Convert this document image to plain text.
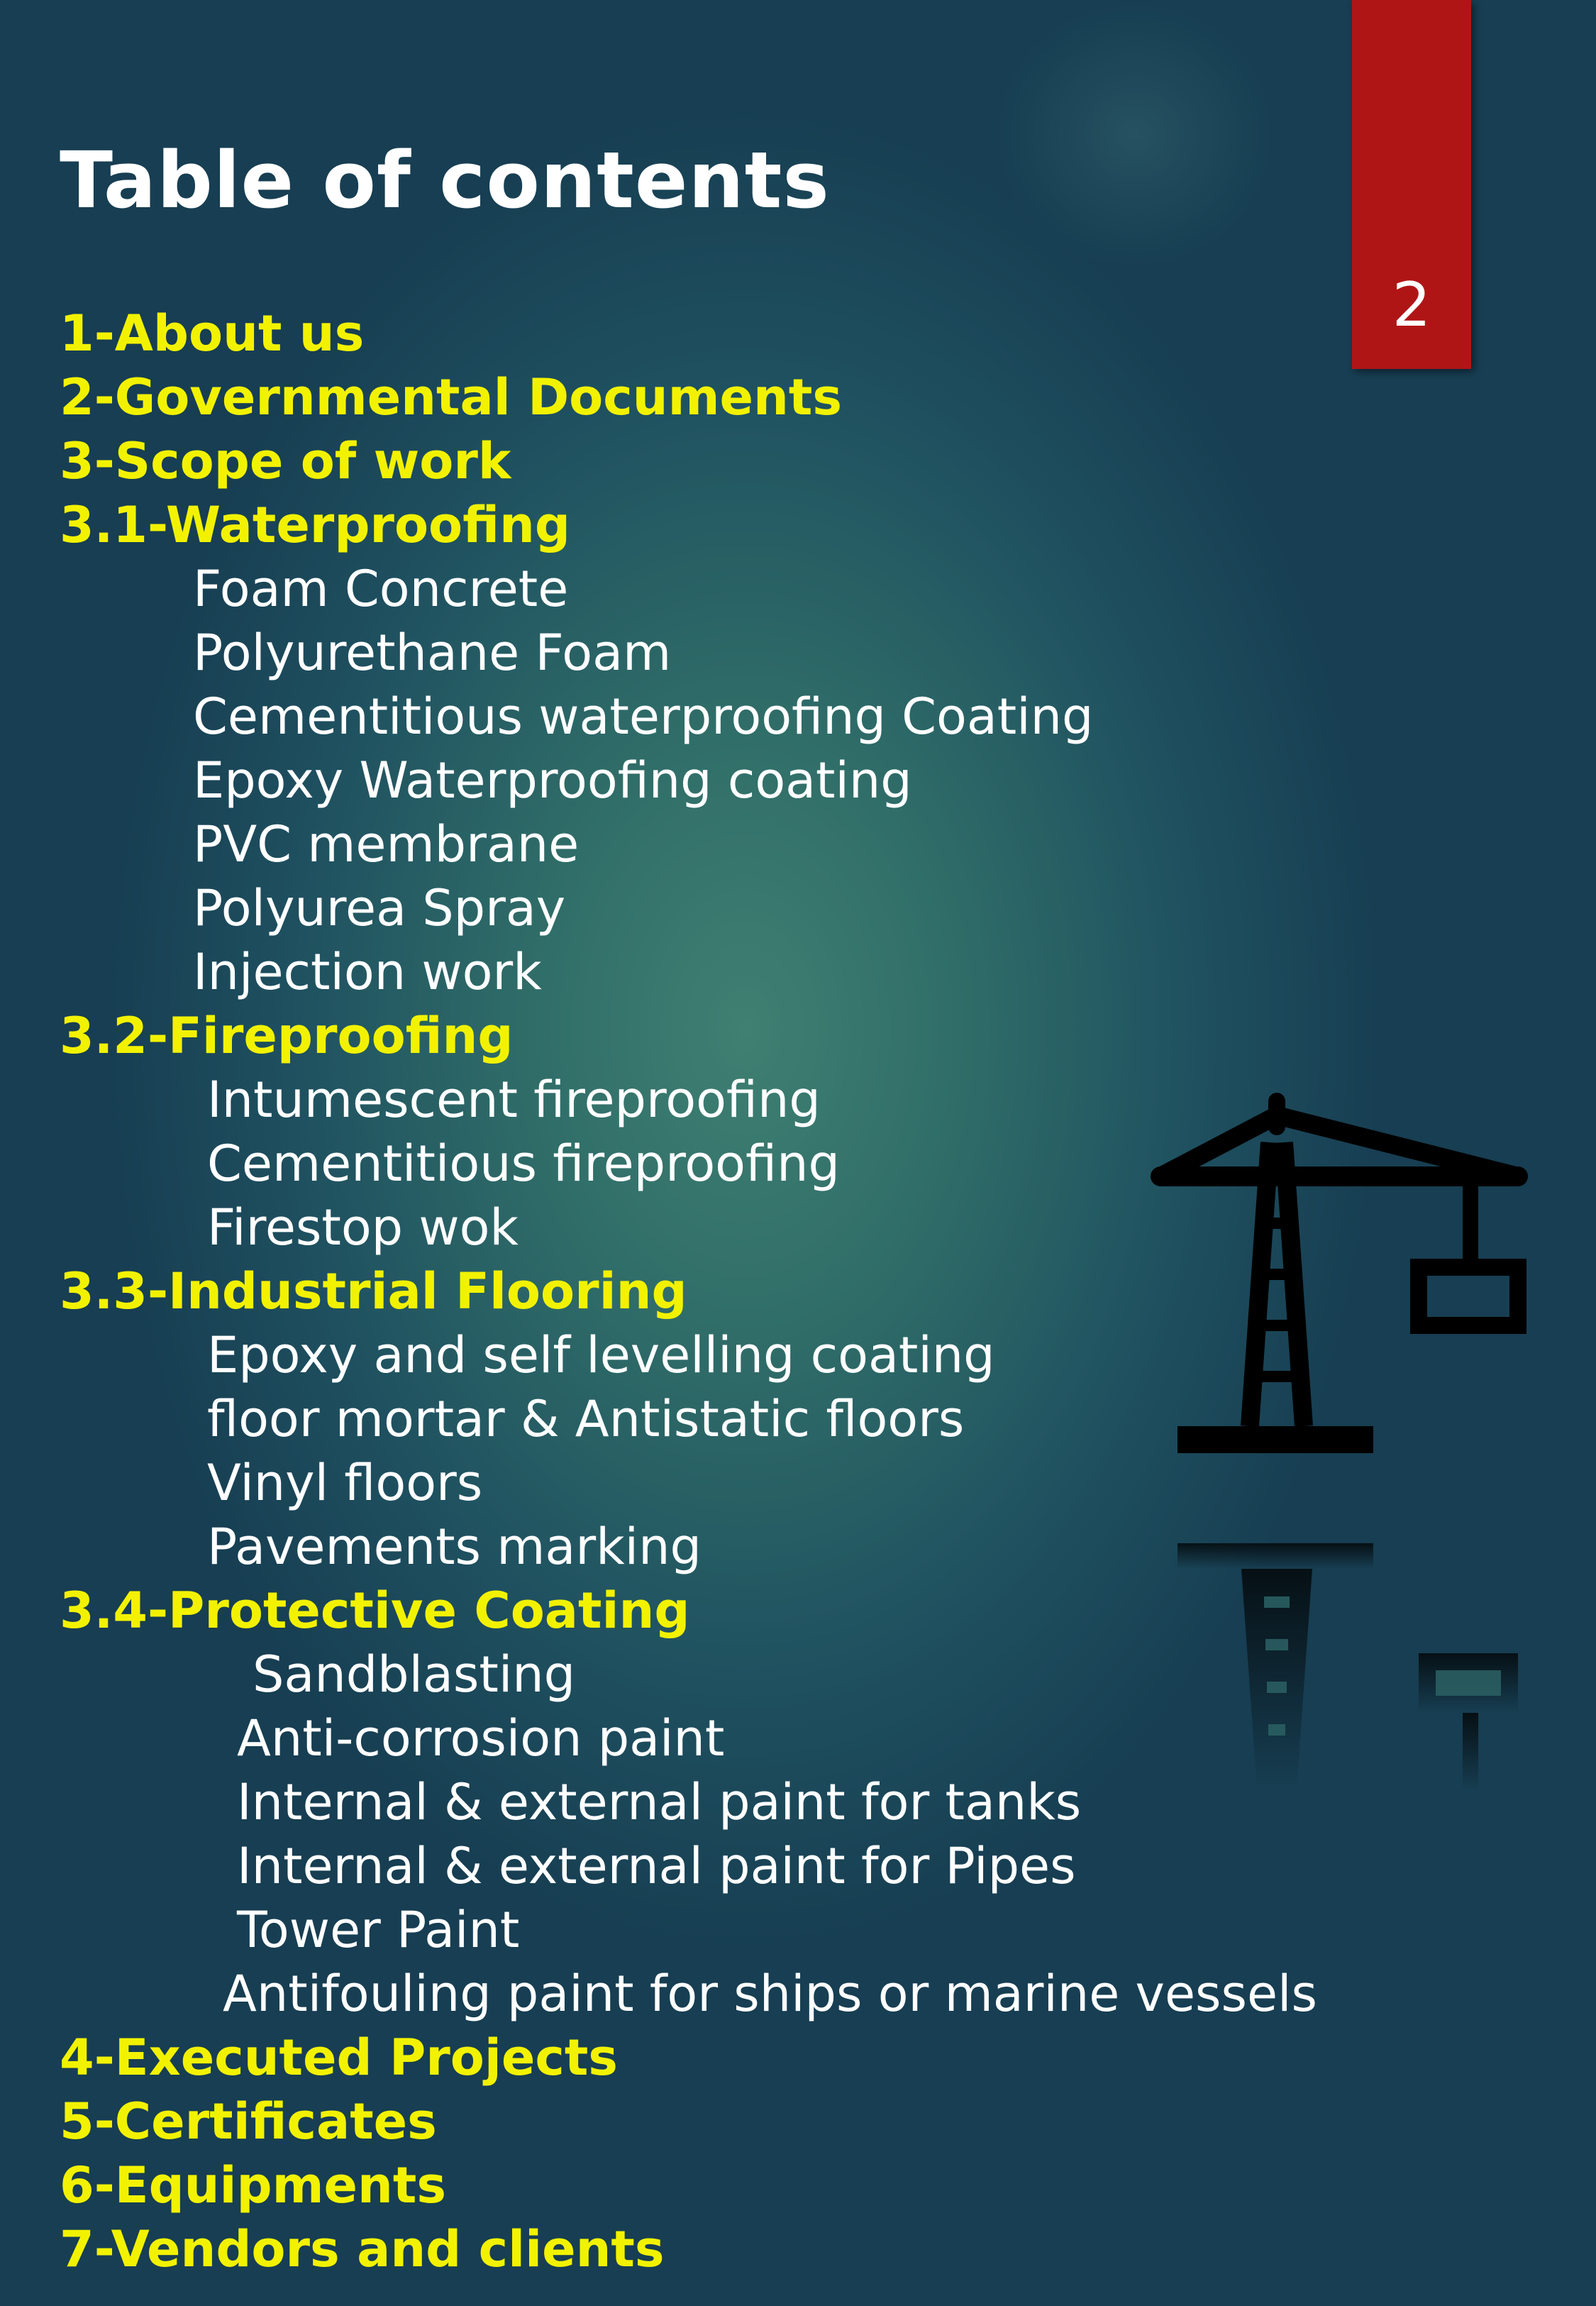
2
Table of contents
1-About us
2-Governmental Documents
3-Scope of work
3.1-Waterproofing
Foam Concrete
Polyurethane Foam
Cementitious waterproofing Coating
Epoxy Waterproofing coating
PVC membrane
Polyurea Spray
Injection work
3.2-Fireproofing
Intumescent fireproofing
Cementitious fireproofing
Firestop wok
3.3-Industrial Flooring
Epoxy and self levelling coating
floor mortar & Antistatic floors
Vinyl floors
Pavements marking
3.4-Protective Coating
Sandblasting
Anti-corrosion paint
Internal & external paint for tanks
Internal & external paint for Pipes
Tower Paint
Antifouling paint for ships or marine vessels
4-Executed Projects
5-Certificates
6-Equipments
7-Vendors and clients
